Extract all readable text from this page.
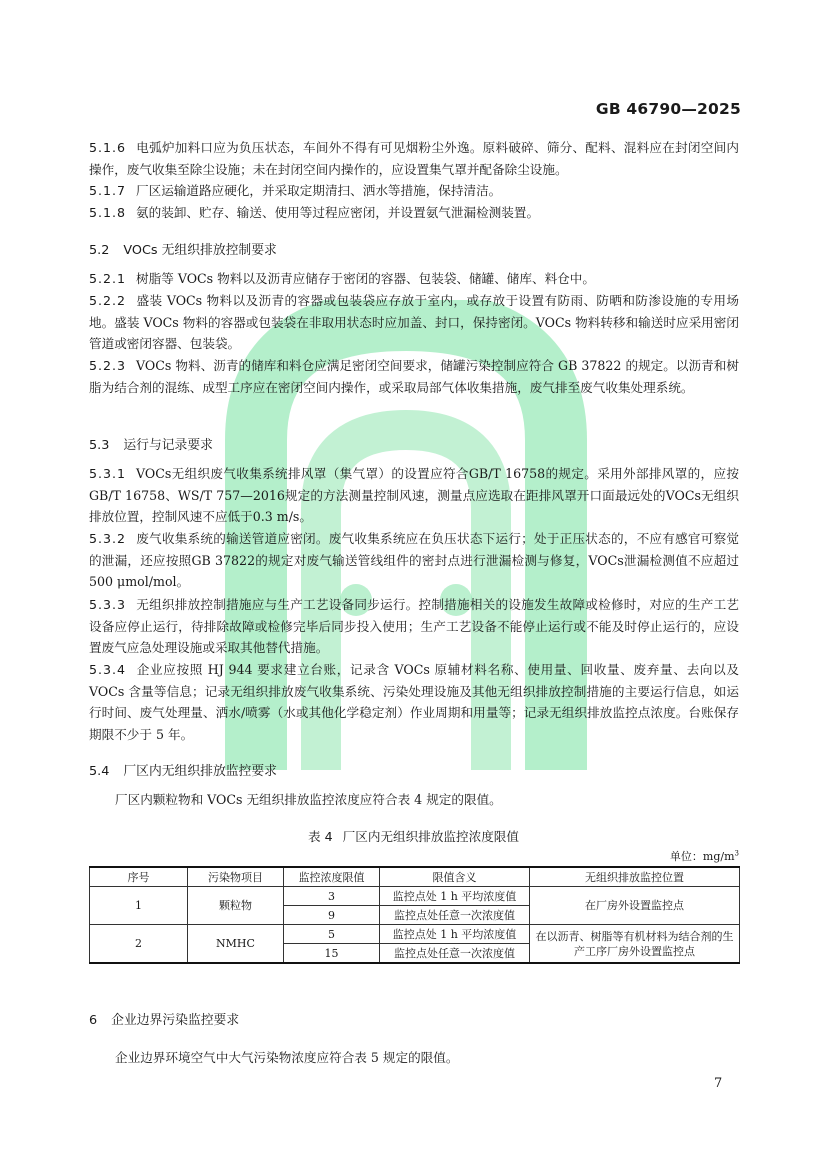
GB 46790—2025
5.1.6 电弧炉加料口应为负压状态，车间外不得有可见烟粉尘外逸。原料破碎、筛分、配料、混料应在封闭空间内操作，废气收集至除尘设施；未在封闭空间内操作的，应设置集气罩并配备除尘设施。
5.1.7 厂区运输道路应硬化，并采取定期清扫、洒水等措施，保持清洁。
5.1.8 氨的装卸、贮存、输送、使用等过程应密闭，并设置氨气泄漏检测装置。
5.2 VOCs 无组织排放控制要求
5.2.1 树脂等 VOCs 物料以及沥青应储存于密闭的容器、包装袋、储罐、储库、料仓中。
5.2.2 盛装 VOCs 物料以及沥青的容器或包装袋应存放于室内，或存放于设置有防雨、防晒和防渗设施的专用场地。盛装 VOCs 物料的容器或包装袋在非取用状态时应加盖、封口，保持密闭。VOCs 物料转移和输送时应采用密闭管道或密闭容器、包装袋。
5.2.3 VOCs 物料、沥青的储库和料仓应满足密闭空间要求，储罐污染控制应符合 GB 37822 的规定。以沥青和树脂为结合剂的混练、成型工序应在密闭空间内操作，或采取局部气体收集措施，废气排至废气收集处理系统。
5.3 运行与记录要求
5.3.1 VOCs无组织废气收集系统排风罩（集气罩）的设置应符合GB/T 16758的规定。采用外部排风罩的，应按GB/T 16758、WS/T 757—2016规定的方法测量控制风速，测量点应选取在距排风罩开口面最远处的VOCs无组织排放位置，控制风速不应低于0.3 m/s。
5.3.2 废气收集系统的输送管道应密闭。废气收集系统应在负压状态下运行；处于正压状态的，不应有感官可察觉的泄漏，还应按照GB 37822的规定对废气输送管线组件的密封点进行泄漏检测与修复，VOCs泄漏检测值不应超过500 μmol/mol。
5.3.3 无组织排放控制措施应与生产工艺设备同步运行。控制措施相关的设施发生故障或检修时，对应的生产工艺设备应停止运行，待排除故障或检修完毕后同步投入使用；生产工艺设备不能停止运行或不能及时停止运行的，应设置废气应急处理设施或采取其他替代措施。
5.3.4 企业应按照 HJ 944 要求建立台账，记录含 VOCs 原辅材料名称、使用量、回收量、废弃量、去向以及 VOCs 含量等信息；记录无组织排放废气收集系统、污染处理设施及其他无组织排放控制措施的主要运行信息，如运行时间、废气处理量、洒水/喷雾（水或其他化学稳定剂）作业周期和用量等；记录无组织排放监控点浓度。台账保存期限不少于 5 年。
5.4 厂区内无组织排放监控要求
厂区内颗粒物和 VOCs 无组织排放监控浓度应符合表 4 规定的限值。
表 4 厂区内无组织排放监控浓度限值
单位：$mg/m^3$
序号	污染物项目	监控浓度限值	限值含义	无组织排放监控位置
1	颗粒物	3	监控点处 1 h 平均浓度值	在厂房外设置监控点
		9	监控点处任意一次浓度值	
2	NMHC	5	监控点处 1 h 平均浓度值	在以沥青、树脂等有机材料为结合剂的生产工序厂房外设置监控点
		15	监控点处任意一次浓度值	
6 企业边界污染监控要求
企业边界环境空气中大气污染物浓度应符合表 5 规定的限值。
7
